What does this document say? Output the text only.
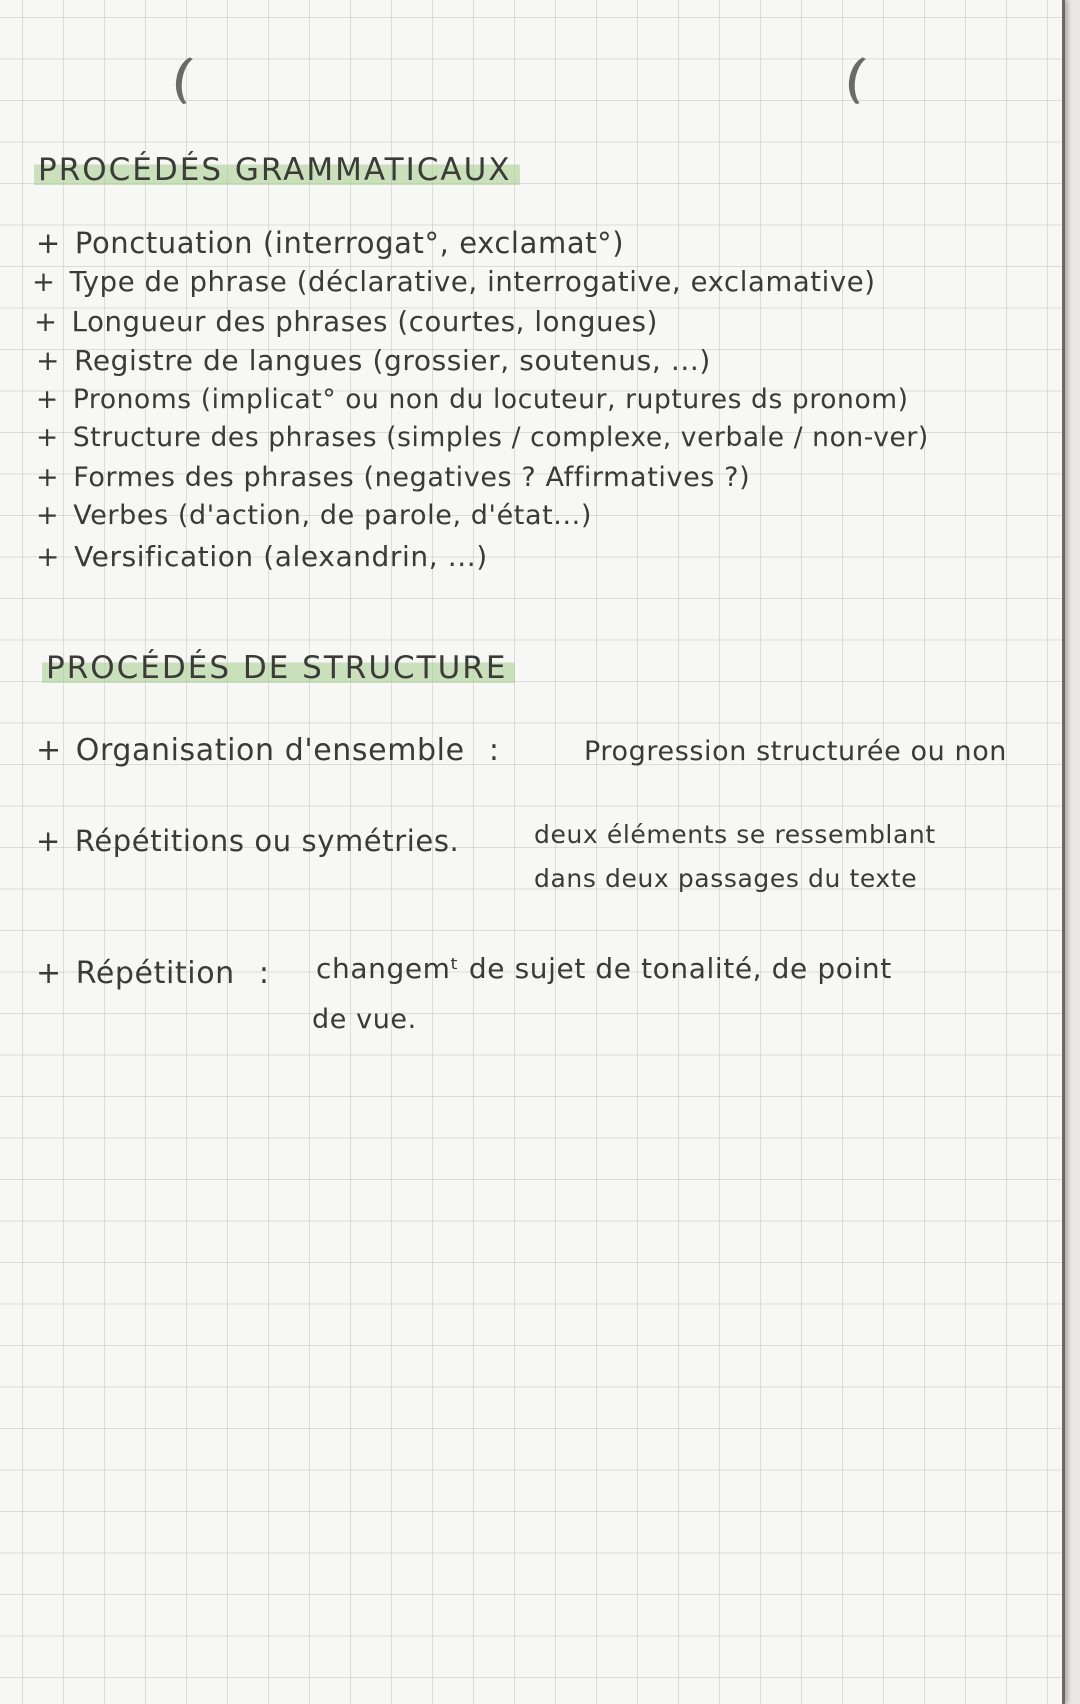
PROCÉDÉS GRAMMATICAUX
+ Ponctuation (interrogat°, exclamat°)
+ Type de phrase (déclarative, interrogative, exclamative)
+ Longueur des phrases (courtes, longues)
+ Registre de langues (grossier, soutenus, ...)
+ Pronoms (implicat° ou non du locuteur, ruptures ds pronom)
+ Structure des phrases (simples / complexe, verbale / non-ver)
+ Formes des phrases (negatives ? Affirmatives ?)
+ Verbes (d'action, de parole, d'état...)
+ Versification (alexandrin, ...)
PROCÉDÉS DE STRUCTURE
+ Organisation d'ensemble :	Progression structurée ou non
+ Répétitions ou symétries.	deux éléments se ressemblant
dans deux passages du texte
+ Répétition :	changemᵗ de sujet de tonalité, de point
de vue.
